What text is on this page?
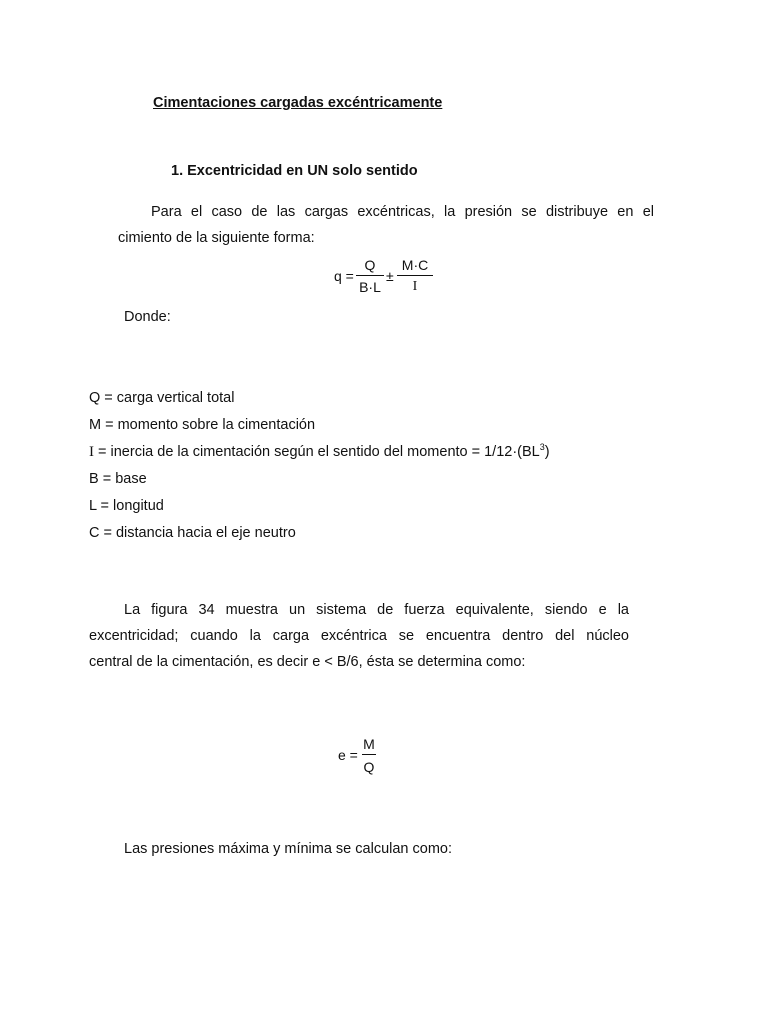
Cimentaciones cargadas excéntricamente
1. Excentricidad en UN solo sentido
Para el caso de las cargas excéntricas, la presión se distribuye en el
cimiento de la siguiente forma:
q =
Q
B·L
±
M·C
I
Donde:
Q = carga vertical total
M = momento sobre la cimentación
I = inercia de la cimentación según el sentido del momento = $1/12\cdot(BL^3)$
B = base
L = longitud
C = distancia hacia el eje neutro
La figura 34 muestra un sistema de fuerza equivalente, siendo e la
excentricidad; cuando la carga excéntrica se encuentra dentro del núcleo
central de la cimentación, es decir e < B/6, ésta se determina como:
e =
M
Q
Las presiones máxima y mínima se calculan como:
